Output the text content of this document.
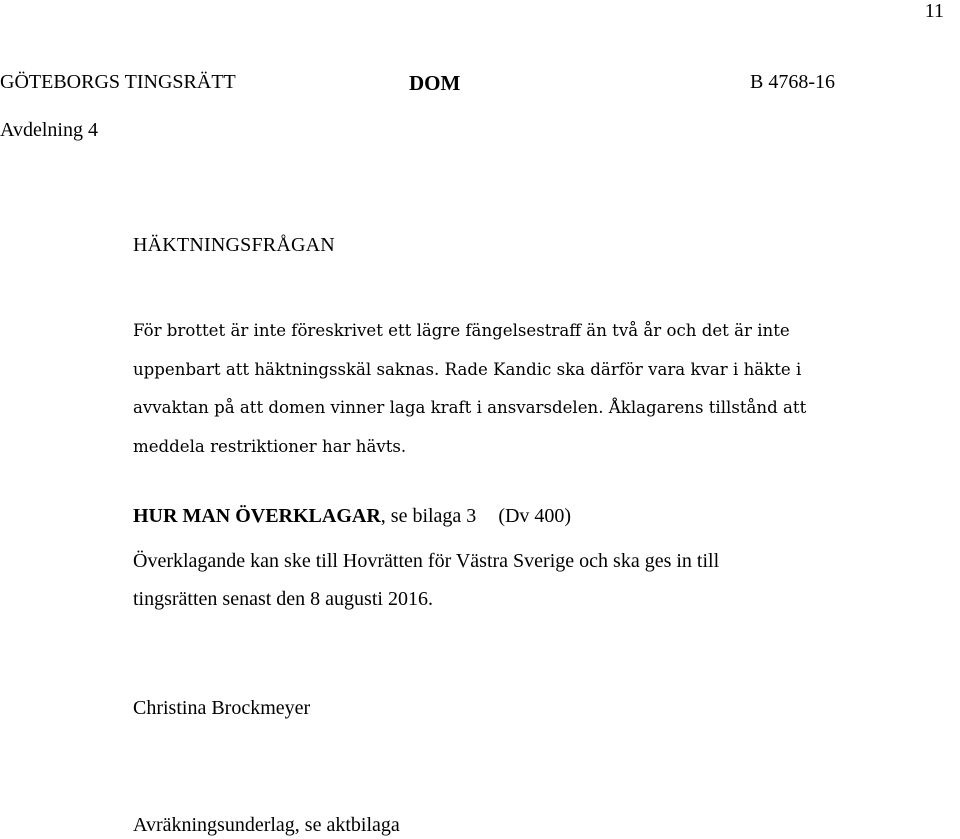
11
GÖTEBORGS TINGSRÄTT	DOM	B 4768-16
Avdelning 4
HÄKTNINGSFRÅGAN
För brottet är inte föreskrivet ett lägre fängelsestraff än två år och det är inte
uppenbart att häktningsskäl saknas. Rade Kandic ska därför vara kvar i häkte i
avvaktan på att domen vinner laga kraft i ansvarsdelen. Åklagarens tillstånd att
meddela restriktioner har hävts.
HUR MAN ÖVERKLAGAR, se bilaga 3 (Dv 400)
Överklagande kan ske till Hovrätten för Västra Sverige och ska ges in till
tingsrätten senast den 8 augusti 2016.
Christina Brockmeyer
Avräkningsunderlag, se aktbilaga
